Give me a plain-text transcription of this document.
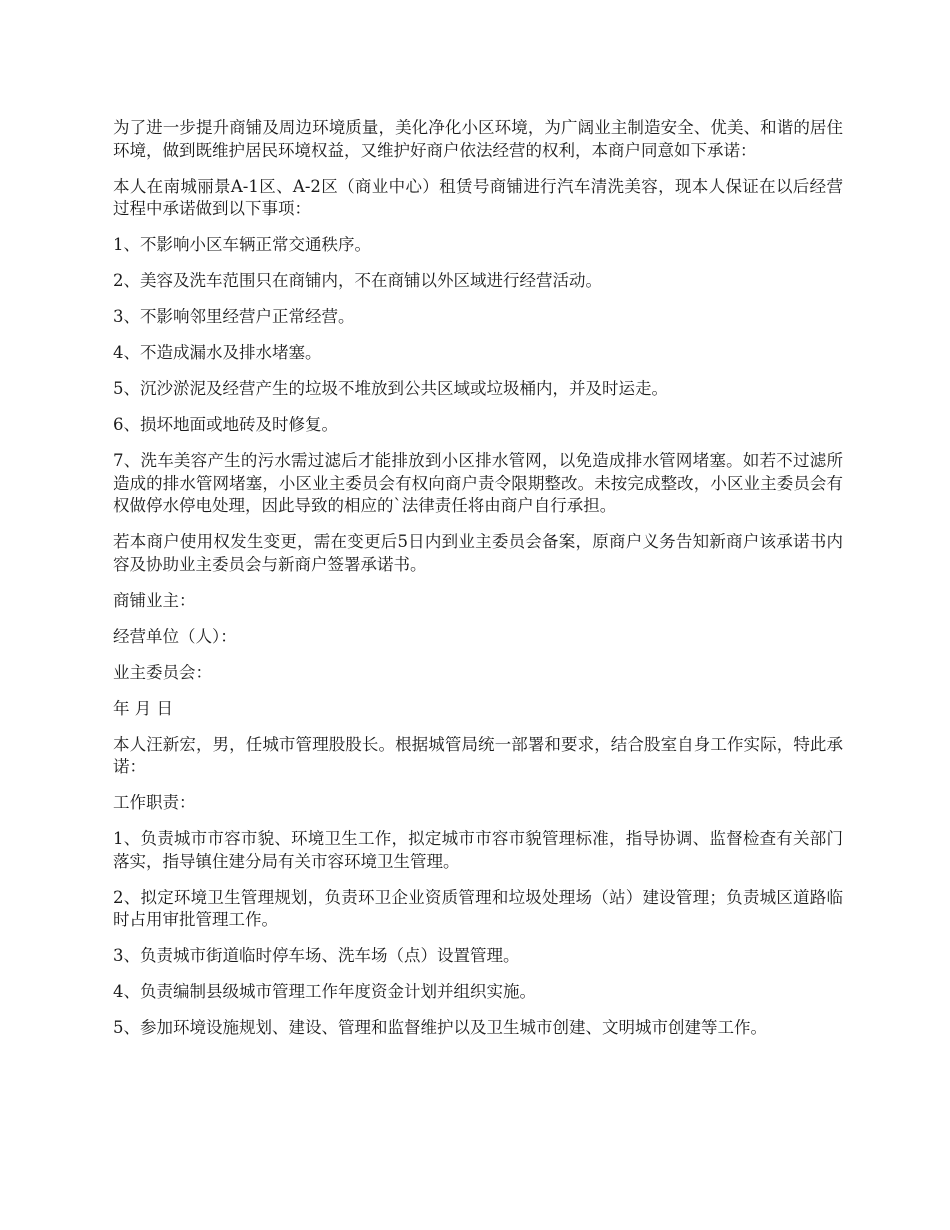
为了进一步提升商铺及周边环境质量，美化净化小区环境，为广阔业主制造安全、优美、和谐的居住环境，做到既维护居民环境权益，又维护好商户依法经营的权利，本商户同意如下承诺：

本人在南城丽景A-1区、A-2区（商业中心）租赁号商铺进行汽车清洗美容，现本人保证在以后经营过程中承诺做到以下事项：

1、不影响小区车辆正常交通秩序。

2、美容及洗车范围只在商铺内，不在商铺以外区域进行经营活动。

3、不影响邻里经营户正常经营。

4、不造成漏水及排水堵塞。

5、沉沙淤泥及经营产生的垃圾不堆放到公共区域或垃圾桶内，并及时运走。

6、损坏地面或地砖及时修复。

7、洗车美容产生的污水需过滤后才能排放到小区排水管网，以免造成排水管网堵塞。如若不过滤所造成的排水管网堵塞，小区业主委员会有权向商户责令限期整改。未按完成整改，小区业主委员会有权做停水停电处理，因此导致的相应的`法律责任将由商户自行承担。

若本商户使用权发生变更，需在变更后5日内到业主委员会备案，原商户义务告知新商户该承诺书内容及协助业主委员会与新商户签署承诺书。

商铺业主：

经营单位（人）：

业主委员会：

年 月 日

本人汪新宏，男，任城市管理股股长。根据城管局统一部署和要求，结合股室自身工作实际，特此承诺：

工作职责：

1、负责城市市容市貌、环境卫生工作，拟定城市市容市貌管理标准，指导协调、监督检查有关部门落实，指导镇住建分局有关市容环境卫生管理。

2、拟定环境卫生管理规划，负责环卫企业资质管理和垃圾处理场（站）建设管理；负责城区道路临时占用审批管理工作。

3、负责城市街道临时停车场、洗车场（点）设置管理。

4、负责编制县级城市管理工作年度资金计划并组织实施。

5、参加环境设施规划、建设、管理和监督维护以及卫生城市创建、文明城市创建等工作。
